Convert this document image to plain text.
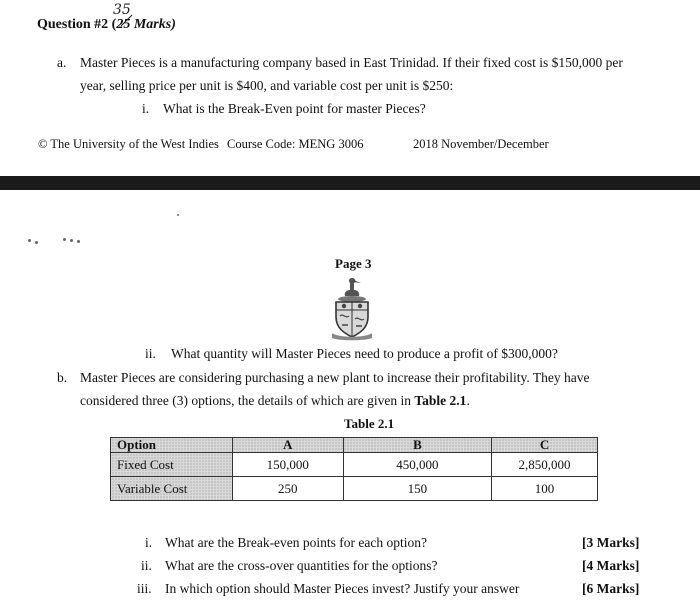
Question #2 (25 Marks)
35
a. Master Pieces is a manufacturing company based in East Trinidad. If their fixed cost is $150,000 per
year, selling price per unit is $400, and variable cost per unit is $250:
i. What is the Break-Even point for master Pieces?
© The University of the West Indies Course Code: MENG 3006	2018 November/December
Page 3
ii. What quantity will Master Pieces need to produce a profit of $300,000?
b. Master Pieces are considering purchasing a new plant to increase their profitability. They have
considered three (3) options, the details of which are given in Table 2.1.
Table 2.1
Option	A	B	C
Fixed Cost	150,000	450,000	2,850,000
Variable Cost	250	150	100
i. What are the Break-even points for each option?	[3 Marks]
ii. What are the cross-over quantities for the options?	[4 Marks]
iii. In which option should Master Pieces invest? Justify your answer	[6 Marks]
